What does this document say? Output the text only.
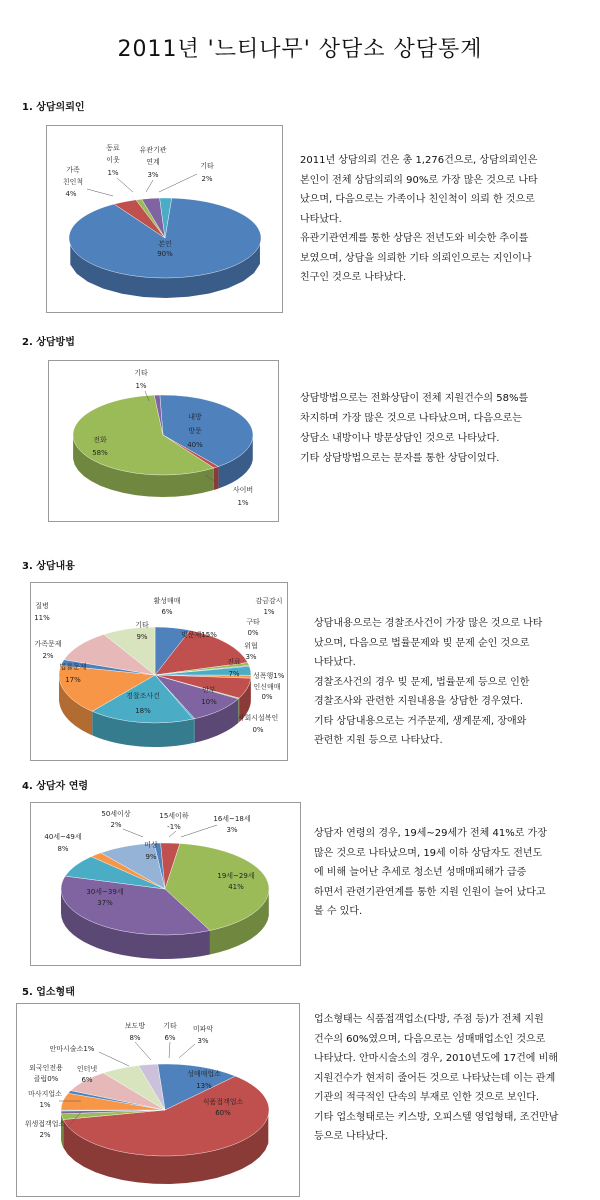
2011년 '느티나무' 상담소 상담통계
1. 상담의뢰인
본인
90%
가족
친인척
4%
동료
이웃
1%
유관기관
연계
3%
기타
2%

2011년 상담의뢰 건은 총 1,276건으로, 상담의뢰인은

본인이 전체 상담의뢰의 90%로 가장 많은 것으로 나타

났으며, 다음으로는 가족이나 친인척이 의뢰 한 것으로

나타났다.

유관기관연계를 통한 상담은 전년도와 비슷한 추이를

보였으며, 상담을 의뢰한 기타 의뢰인으로는 지인이나

친구인 것으로 나타났다.

2. 상담방법
기타
1%
내방
방문
40%
전화
58%
사이버
1%

상담방법으로는 전화상담이 전체 지원건수의 58%를

차지하며 가장 많은 것으로 나타났으며, 다음으로는

상담소 내방이나 방문상담인 것으로 나타났다.

기타 상담방법으로는 문자를 통한 상담이었다.

3. 상담내용
활성매매
6%
빚문제15%
감금감시
1%
구타
0%
위협
3%
성폭행1%
진료
7%
인신매매
0%
안부
10%
사회시설복인
0%
경찰조사건
18%
법률문제
17%
가족문제
2%
질병
11%
기타
9%

상담내용으로는 경찰조사건이 가장 많은 것으로 나타

났으며, 다음으로 법률문제와 빚 문제 순인 것으로

나타났다.

경찰조사건의 경우 빚 문제, 법률문제 등으로 인한

경찰조사와 관련한 지원내용을 상담한 경우였다.

기타 상담내용으로는 거주문제, 생계문제, 장애와

관련한 지원 등으로 나타났다.

4. 상담자 연령
50세이상
2%
15세이하
-1%
16세~18세
3%
40세~49세
8%	미상
9%
19세~29세
41%
30세~39세
37%

상담자 연령의 경우, 19세~29세가 전체 41%로 가장

많은 것으로 나타났으며, 19세 이하 상담자도 전년도

에 비해 늘어난 추세로 청소년 성매매피해가 급증

하면서 관련기관연계를 통한 지원 인원이 늘어 났다고

볼 수 있다.

5. 업소형태
보도방
8%
기타
6%
미파악
3%
안마시술소1%
외국인전용
클럽0%
인터넷
6%
마사지업소
1%
위생접객업소
2%
성매매업소
13%
식품접객업소
60%

업소형태는 식품접객업소(다방, 주점 등)가 전체 지원

건수의 60%였으며, 다음으로는 성매매업소인 것으로

나타났다. 안마시술소의 경우, 2010년도에 17건에 비해

지원건수가 현저히 줄어든 것으로 나타났는데 이는 관계

기관의 적극적인 단속의 부재로 인한 것으로 보인다.

기타 업소형태로는 키스방, 오피스텔 영업형태, 조건만남

등으로 나타났다.
